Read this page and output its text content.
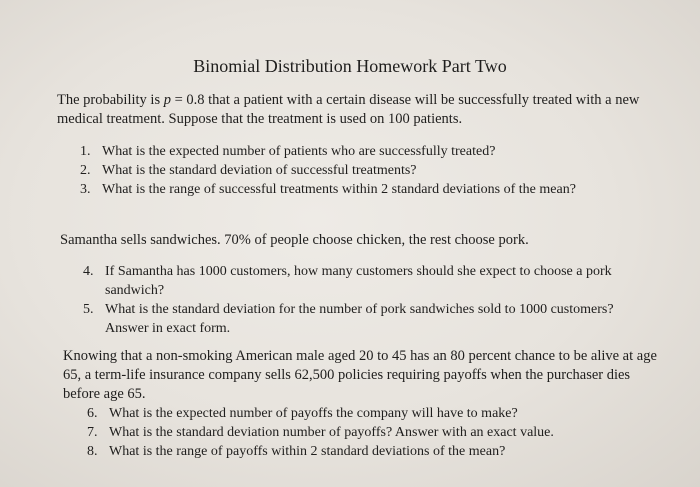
Binomial Distribution Homework Part Two
The probability is p = 0.8 that a patient with a certain disease will be successfully treated with a new medical treatment. Suppose that the treatment is used on 100 patients.
1. What is the expected number of patients who are successfully treated?
2. What is the standard deviation of successful treatments?
3. What is the range of successful treatments within 2 standard deviations of the mean?
Samantha sells sandwiches. 70% of people choose chicken, the rest choose pork.
4. If Samantha has 1000 customers, how many customers should she expect to choose a pork sandwich?
5. What is the standard deviation for the number of pork sandwiches sold to 1000 customers? Answer in exact form.
Knowing that a non-smoking American male aged 20 to 45 has an 80 percent chance to be alive at age 65, a term-life insurance company sells 62,500 policies requiring payoffs when the purchaser dies before age 65.
6. What is the expected number of payoffs the company will have to make?
7. What is the standard deviation number of payoffs? Answer with an exact value.
8. What is the range of payoffs within 2 standard deviations of the mean?
